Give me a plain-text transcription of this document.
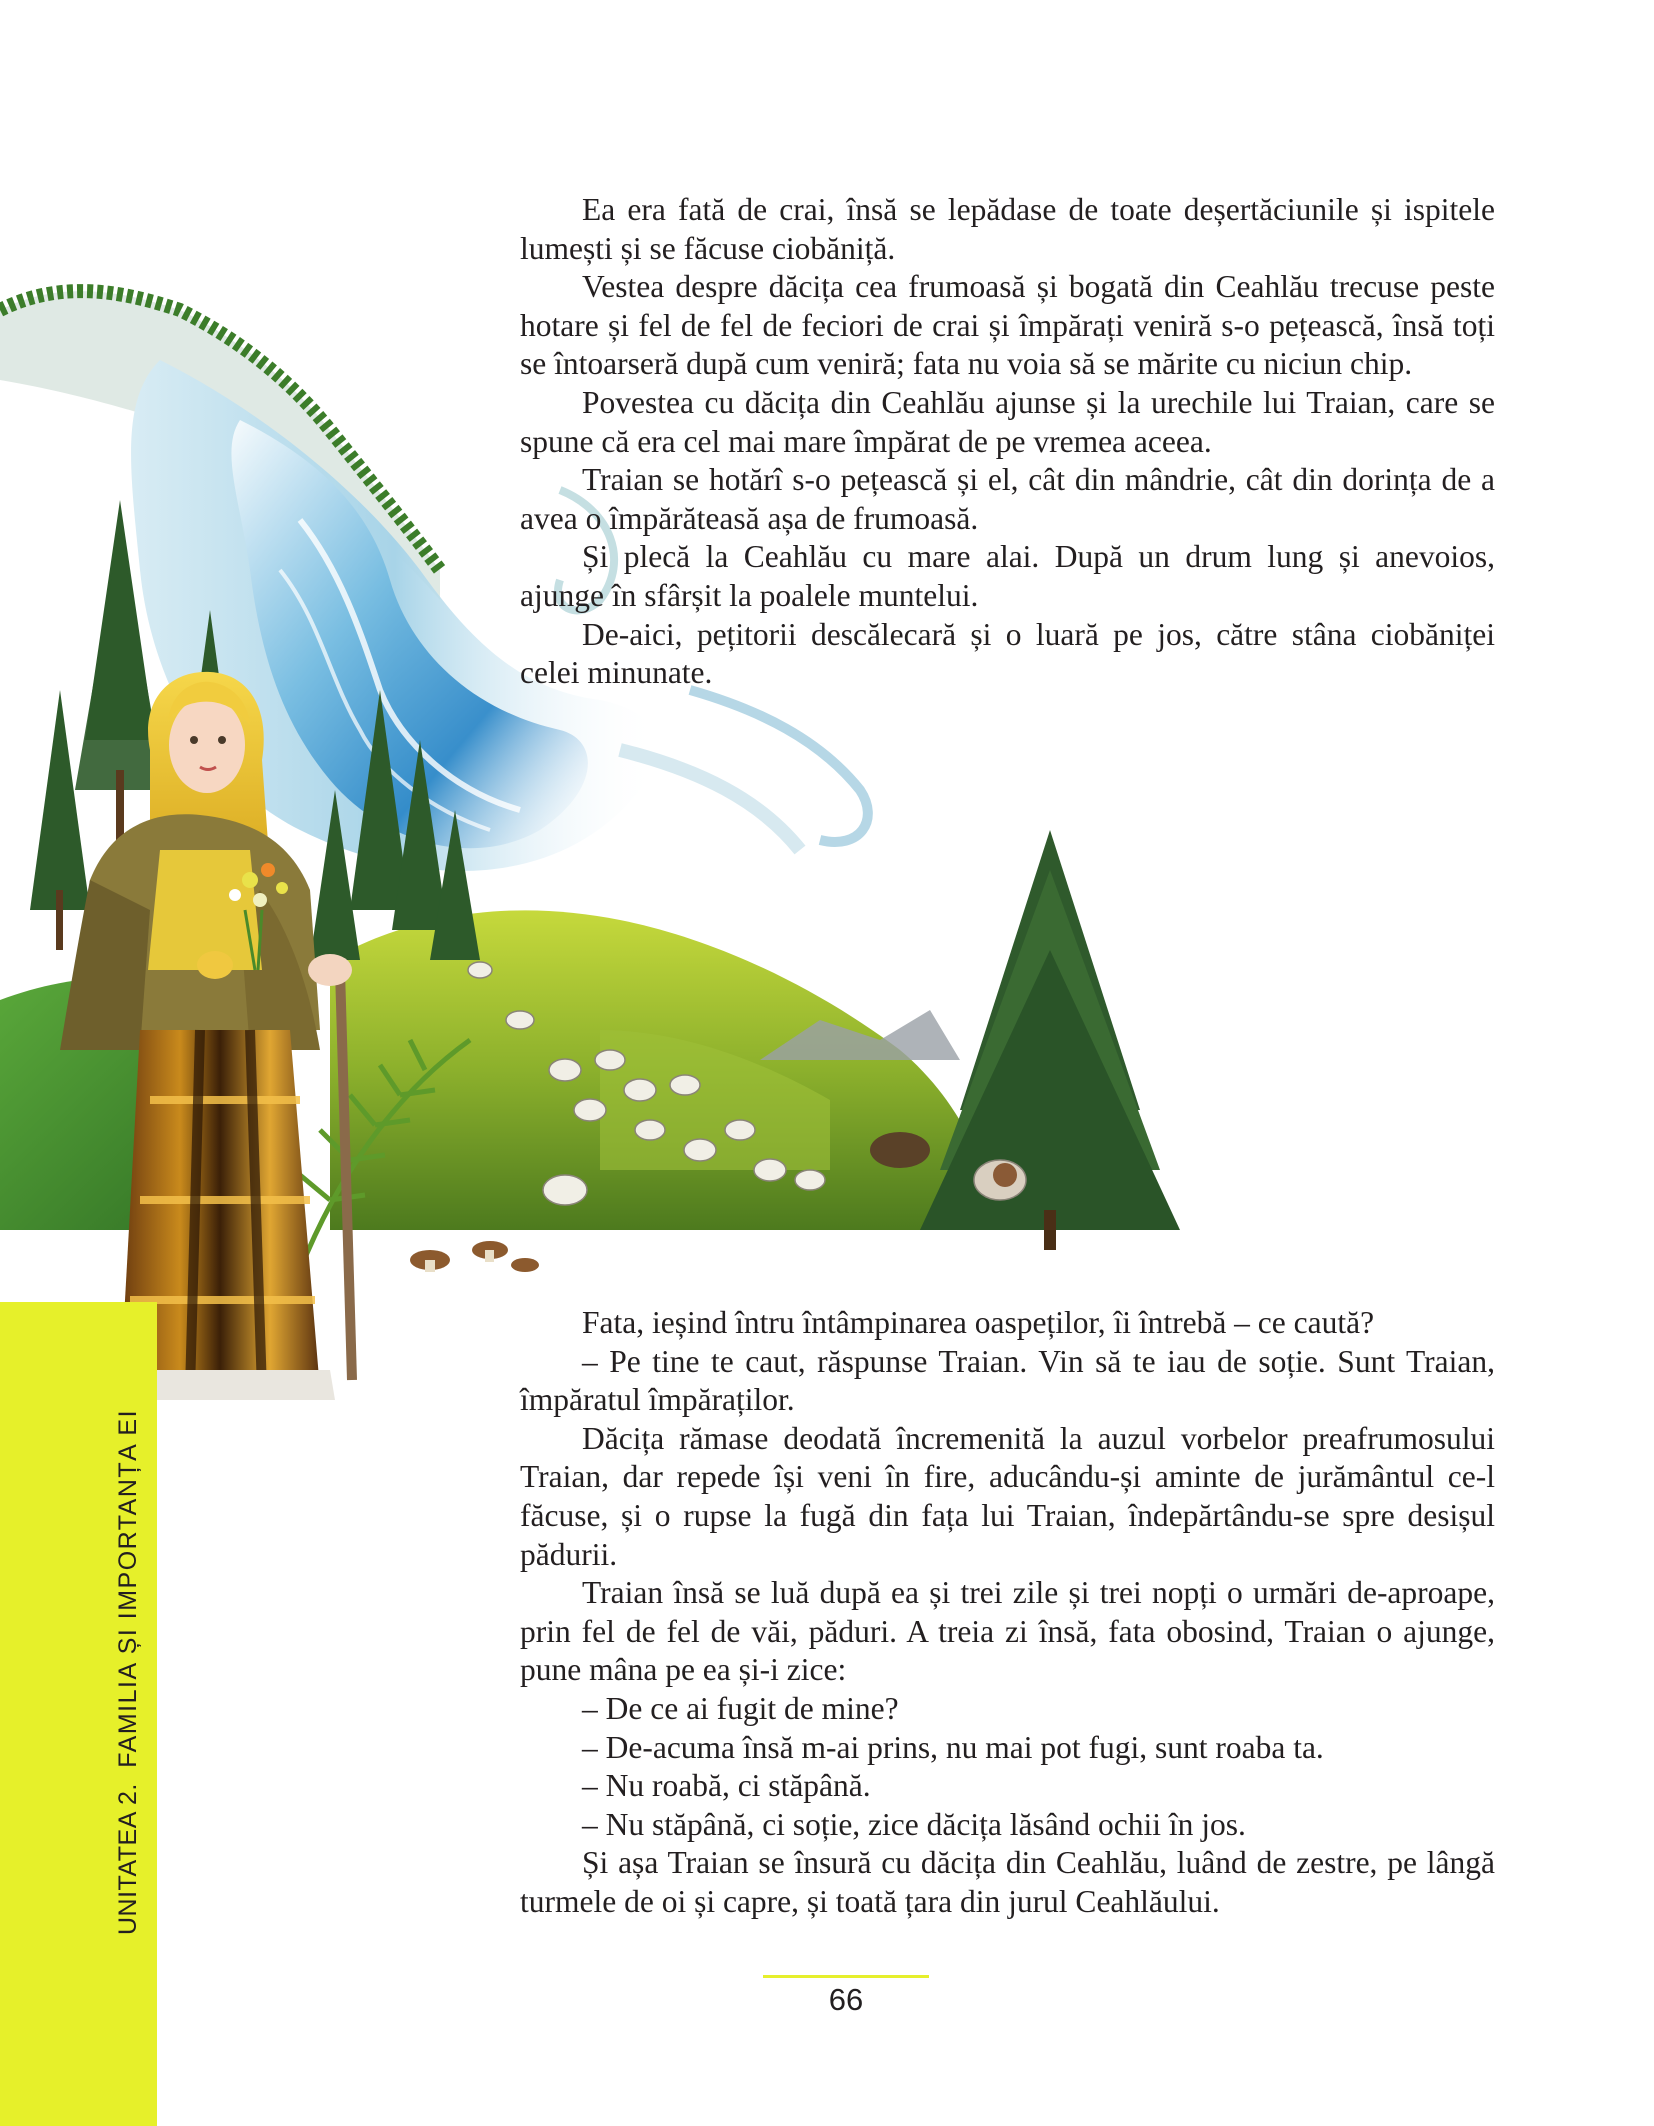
Ea era fată de crai, însă se lepădase de toate deșertăciunile și ispitele lumești și se făcuse ciobăniță.

Vestea despre dăcița cea frumoasă și bogată din Ceahlău trecuse peste hotare și fel de fel de feciori de crai și împărați veniră s-o pețească, însă toți se întoarseră după cum veniră; fata nu voia să se mărite cu niciun chip.

Povestea cu dăcița din Ceahlău ajunse și la urechile lui Traian, care se spune că era cel mai mare împărat de pe vremea aceea.

Traian se hotărî s-o pețească și el, cât din mândrie, cât din dorința de a avea o împărăteasă așa de frumoasă.

Și plecă la Ceahlău cu mare alai. După un drum lung și anevoios, ajunge în sfârșit la poalele muntelui.

De-aici, pețitorii descălecară și o luară pe jos, către stâna ciobăniței celei minunate.

UNITATEA 2. FAMILIA ȘI IMPORTANȚA EI

Fata, ieșind întru întâmpinarea oaspeților, îi întrebă – ce caută?

– Pe tine te caut, răspunse Traian. Vin să te iau de soție. Sunt Traian, împăratul împăraților.

Dăcița rămase deodată încremenită la auzul vorbelor preafrumosului Traian, dar repede își veni în fire, aducându-și aminte de jurământul ce-l făcuse, și o rupse la fugă din fața lui Traian, îndepărtându-se spre desișul pădurii.

Traian însă se luă după ea și trei zile și trei nopți o urmări de-aproape, prin fel de fel de văi, păduri. A treia zi însă, fata obosind, Traian o ajunge, pune mâna pe ea și-i zice:

– De ce ai fugit de mine?

– De-acuma însă m-ai prins, nu mai pot fugi, sunt roaba ta.

– Nu roabă, ci stăpână.

– Nu stăpână, ci soție, zice dăcița lăsând ochii în jos.

Și așa Traian se însură cu dăcița din Ceahlău, luând de zestre, pe lângă turmele de oi și capre, și toată țara din jurul Ceahlăului.

66
